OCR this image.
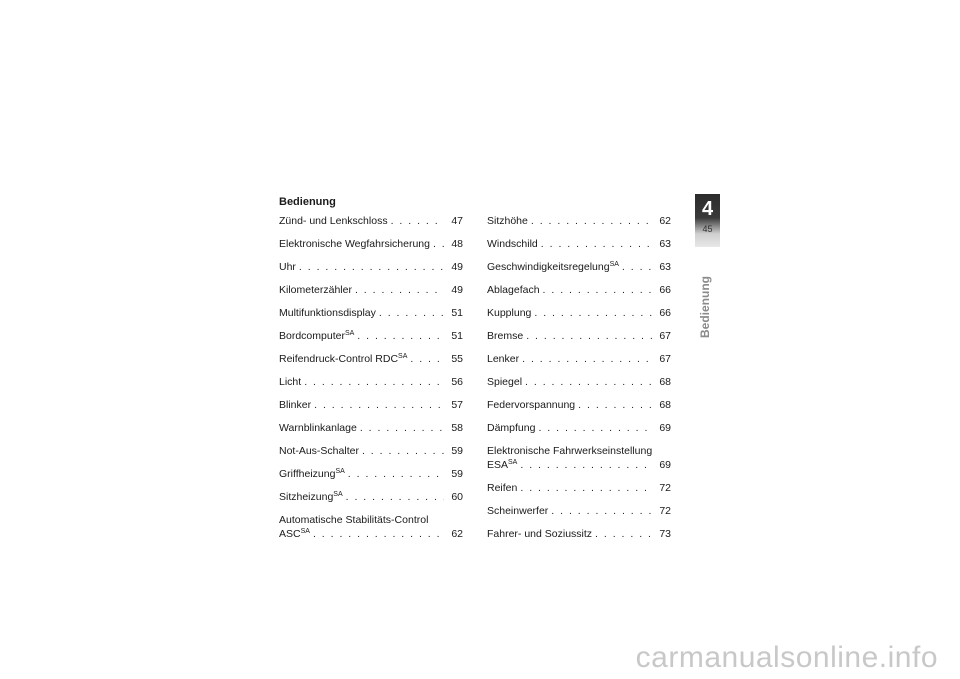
Bedienung
Zünd- und Lenkschloss . . .	47
Elektronische Wegfahrsicherung . . .	48
Uhr . . .	49
Kilometerzähler . . .	49
Multifunktionsdisplay . . .	51
Bordcomputer$^{SA}$ . . .	51
Reifendruck-Control $RDC^{SA}$ . . .	55
Licht . . .	56
Blinker . . .	57
Warnblinkanlage . . .	58
Not-Aus-Schalter . . .	59
Griffheizung$^{SA}$ . . .	59
Sitzheizung$^{SA}$ . . .	60
Automatische Stabilitäts-Control
$ASC^{SA}$ . . .	62
Sitzhöhe . . .	62
Windschild . . .	63
Geschwindigkeitsregelung$^{SA}$ . . .	63
Ablagefach . . .	66
Kupplung . . .	66
Bremse . . .	67
Lenker . . .	67
Spiegel . . .	68
Federvorspannung . . .	68
Dämpfung . . .	69
Elektronische Fahrwerkseinstellung
$ESA^{SA}$ . . .	69
Reifen . . .	72
Scheinwerfer . . .	72
Fahrer- und Soziussitz . . .	73
4
45
Bedienung
carmanualsonline.info
